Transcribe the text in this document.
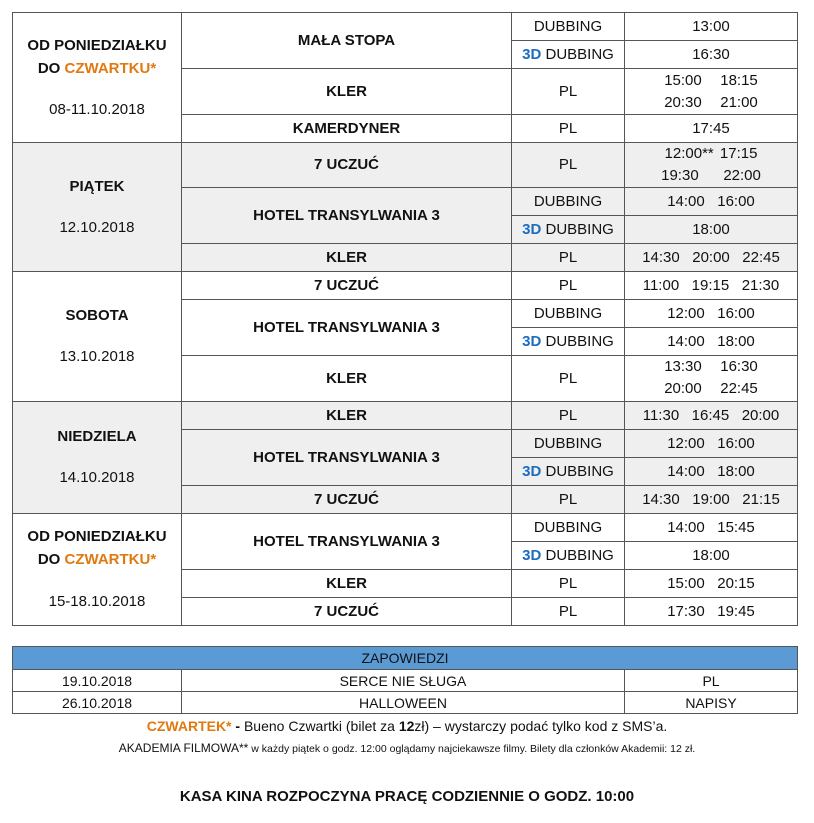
OD PONIEDZIAŁKU
DO CZWARTKU*
08-11.10.2018	MAŁA STOPA	DUBBING	13:00
		3D DUBBING	16:30
	KLER	PL	15:00   18:15
20:30   21:00
	KAMERDYNER	PL	17:45

PIĄTEK
12.10.2018	7 UCZUĆ	PL	12:00** 17:15
19:30    22:00
	HOTEL TRANSYLWANIA 3	DUBBING	14:00   16:00
		3D DUBBING	18:00
	KLER	PL	14:30   20:00   22:45
SOBOTA
13.10.2018	7 UCZUĆ	PL	11:00   19:15   21:30
	HOTEL TRANSYLWANIA 3	DUBBING	12:00   16:00
		3D DUBBING	14:00   18:00
	KLER	PL	13:30   16:30
20:00   22:45
NIEDZIELA
14.10.2018	KLER	PL	11:30   16:45   20:00
	HOTEL TRANSYLWANIA 3	DUBBING	12:00   16:00
		3D DUBBING	14:00   18:00
	7 UCZUĆ	PL	14:30   19:00   21:15
OD PONIEDZIAŁKU
DO CZWARTKU*
15-18.10.2018	HOTEL TRANSYLWANIA 3	DUBBING	14:00   15:45
		3D DUBBING	18:00
	KLER	PL	15:00   20:15
	7 UCZUĆ	PL	17:30   19:45
ZAPOWIEDZI		
19.10.2018	SERCE NIE SŁUGA	PL
26.10.2018	HALLOWEEN	NAPISY
CZWARTEK* - Bueno Czwartki (bilet za 12zł) – wystarczy podać tylko kod z SMS’a.
AKADEMIA FILMOWA** w każdy piątek o godz. 12:00 oglądamy najciekawsze filmy. Bilety dla członków Akademii: 12 zł.
KASA KINA ROZPOCZYNA PRACĘ CODZIENNIE O GODZ. 10:00
